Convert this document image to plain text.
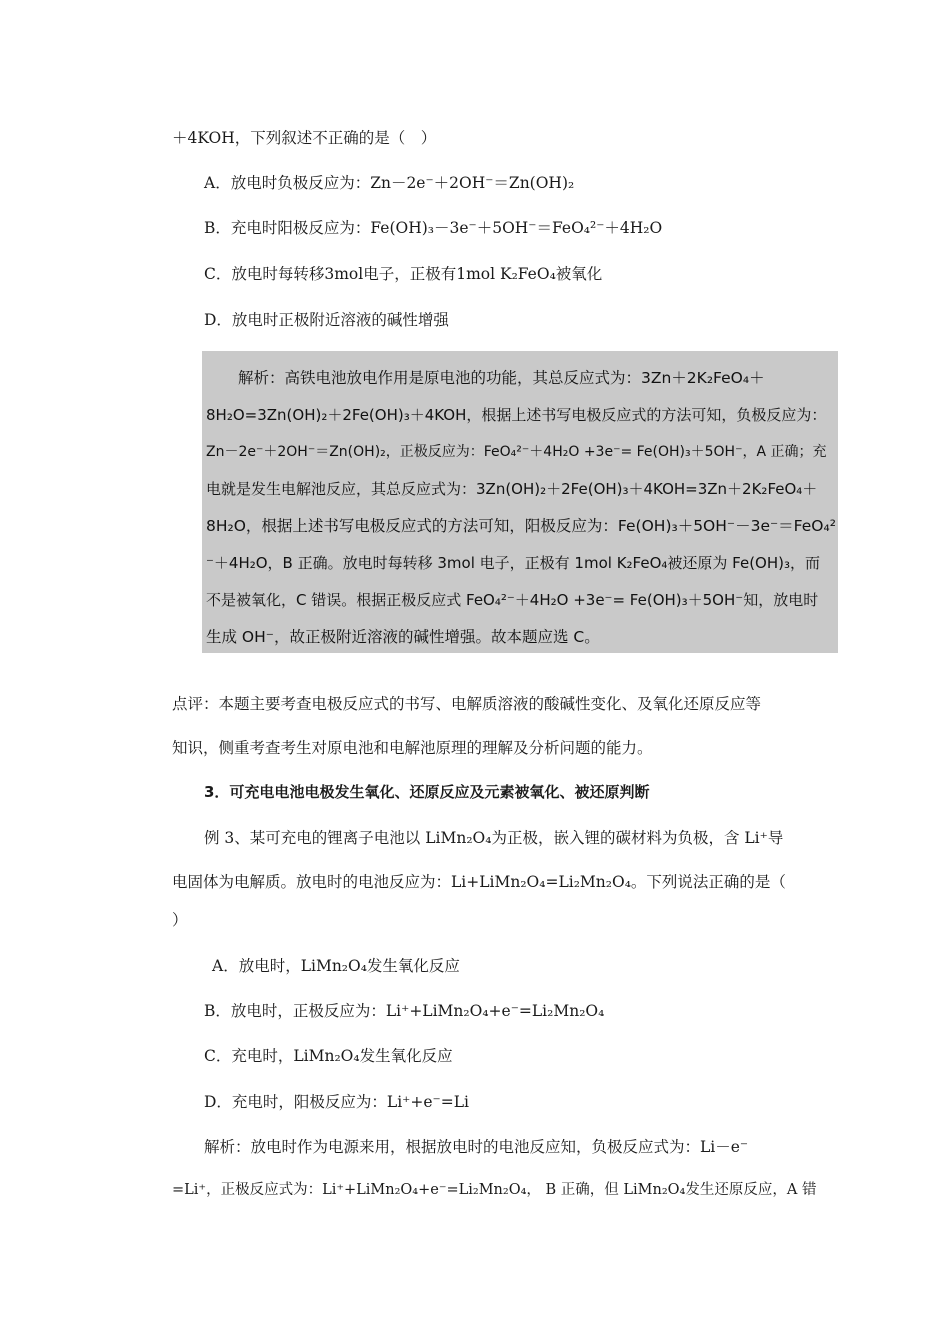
＋4KOH，下列叙述不正确的是（　）
A．放电时负极反应为：Zn－2e⁻＋2OH⁻＝Zn(OH)₂
B．充电时阳极反应为：Fe(OH)₃－3e⁻＋5OH⁻＝FeO₄²⁻＋4H₂O
C．放电时每转移3mol电子，正极有1mol K₂FeO₄被氧化
D．放电时正极附近溶液的碱性增强
解析：高铁电池放电作用是原电池的功能，其总反应式为：3Zn＋2K₂FeO₄＋
8H₂O=3Zn(OH)₂＋2Fe(OH)₃＋4KOH，根据上述书写电极反应式的方法可知，负极反应为：
Zn－2e⁻＋2OH⁻＝Zn(OH)₂，正极反应为：FeO₄²⁻＋4H₂O +3e⁻= Fe(OH)₃＋5OH⁻，A 正确；充
电就是发生电解池反应，其总反应式为：3Zn(OH)₂＋2Fe(OH)₃＋4KOH=3Zn＋2K₂FeO₄＋
8H₂O，根据上述书写电极反应式的方法可知，阳极反应为：Fe(OH)₃＋5OH⁻－3e⁻＝FeO₄²
⁻＋4H₂O，B 正确。放电时每转移 3mol 电子，正极有 1mol K₂FeO₄被还原为 Fe(OH)₃，而
不是被氧化，C 错误。根据正极反应式 FeO₄²⁻＋4H₂O +3e⁻= Fe(OH)₃＋5OH⁻知，放电时
生成 OH⁻，故正极附近溶液的碱性增强。故本题应选 C。
点评：本题主要考查电极反应式的书写、电解质溶液的酸碱性变化、及氧化还原反应等
知识，侧重考查考生对原电池和电解池原理的理解及分析问题的能力。
3．可充电电池电极发生氧化、还原反应及元素被氧化、被还原判断
例 3、某可充电的锂离子电池以 LiMn₂O₄为正极，嵌入锂的碳材料为负极，含 Li⁺导
电固体为电解质。放电时的电池反应为：Li+LiMn₂O₄=Li₂Mn₂O₄。下列说法正确的是（
）
A．放电时，LiMn₂O₄发生氧化反应
B．放电时，正极反应为：Li⁺+LiMn₂O₄+e⁻=Li₂Mn₂O₄
C．充电时，LiMn₂O₄发生氧化反应
D．充电时，阳极反应为：Li⁺+e⁻=Li
解析：放电时作为电源来用，根据放电时的电池反应知，负极反应式为：Li－e⁻
=Li⁺，正极反应式为：Li⁺+LiMn₂O₄+e⁻=Li₂Mn₂O₄， B 正确，但 LiMn₂O₄发生还原反应，A 错
